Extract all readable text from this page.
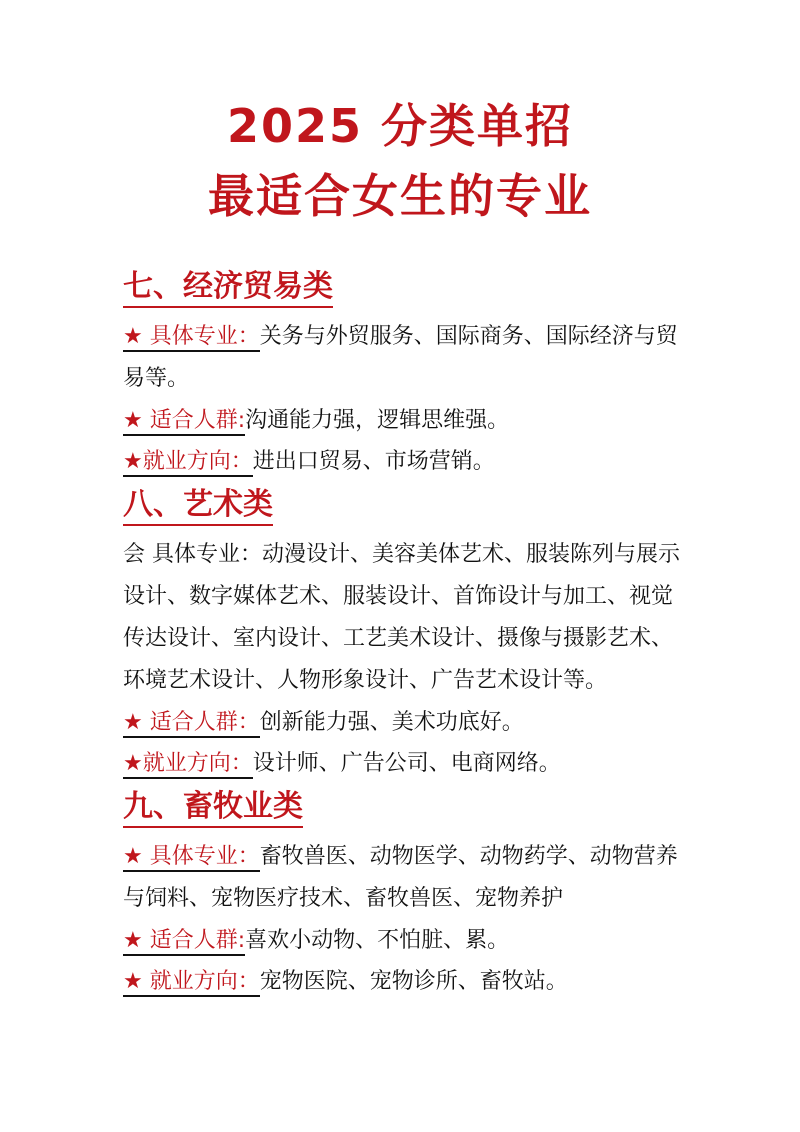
2025 分类单招
最适合女生的专业
七、经济贸易类
★ 具体专业：关务与外贸服务、国际商务、国际经济与贸易等。
★ 适合人群:沟通能力强，逻辑思维强。
★就业方向：进出口贸易、市场营销。
八、艺术类
会 具体专业：动漫设计、美容美体艺术、服装陈列与展示设计、数字媒体艺术、服装设计、首饰设计与加工、视觉传达设计、室内设计、工艺美术设计、摄像与摄影艺术、环境艺术设计、人物形象设计、广告艺术设计等。
★ 适合人群：创新能力强、美术功底好。
★就业方向：设计师、广告公司、电商网络。
九、畜牧业类
★ 具体专业：畜牧兽医、动物医学、动物药学、动物营养与饲料、宠物医疗技术、畜牧兽医、宠物养护
★ 适合人群:喜欢小动物、不怕脏、累。
★ 就业方向：宠物医院、宠物诊所、畜牧站。
